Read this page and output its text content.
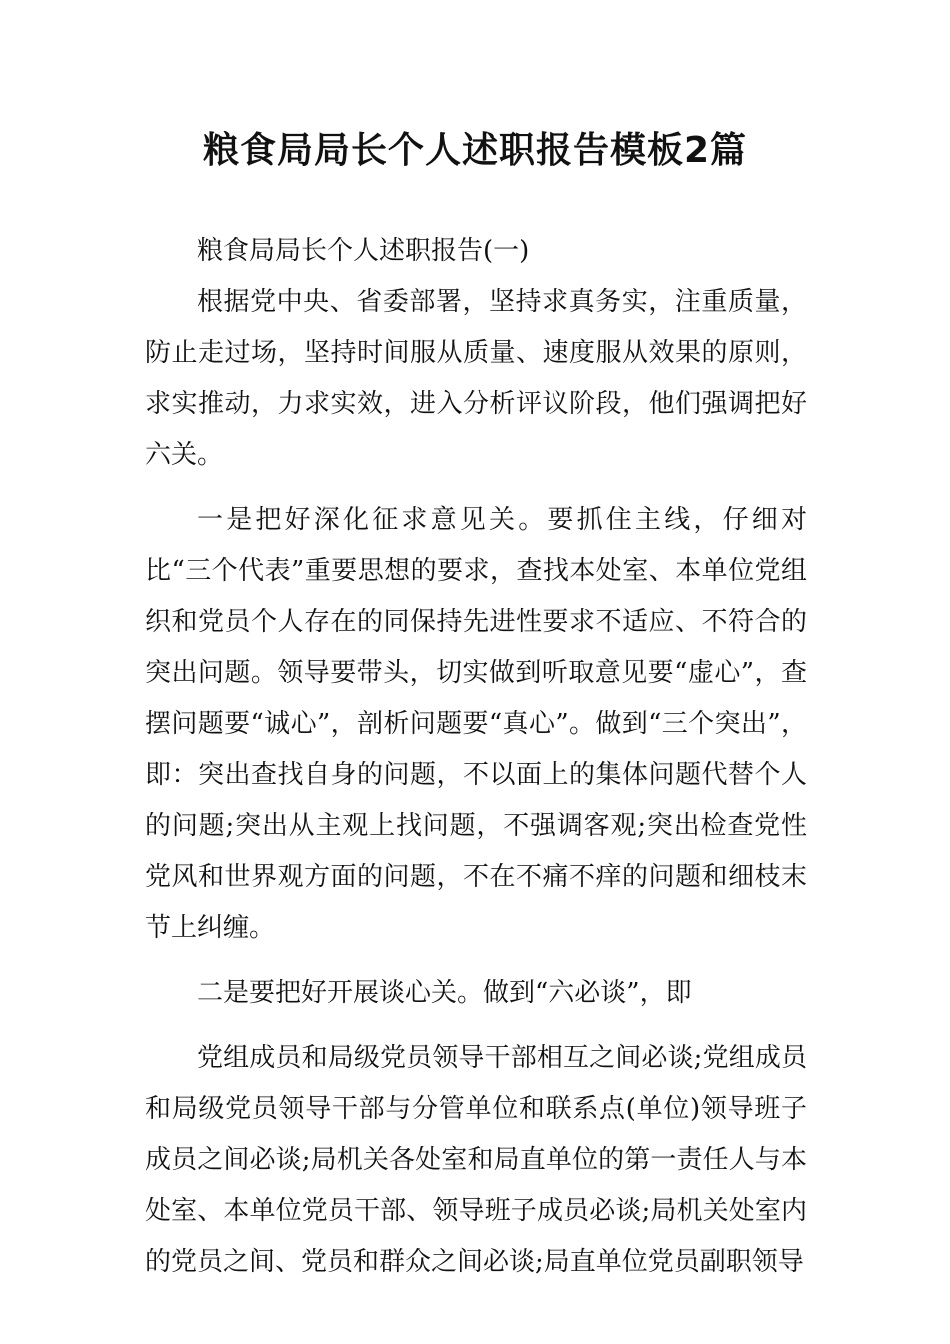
粮食局局长个人述职报告模板2篇

粮食局局长个人述职报告(一)

根据党中央、省委部署，坚持求真务实，注重质量，防止走过场，坚持时间服从质量、速度服从效果的原则，求实推动，力求实效，进入分析评议阶段，他们强调把好六关。

一是把好深化征求意见关。要抓住主线，仔细对比“三个代表”重要思想的要求，查找本处室、本单位党组织和党员个人存在的同保持先进性要求不适应、不符合的突出问题。领导要带头，切实做到听取意见要“虚心”，查摆问题要“诚心”，剖析问题要“真心”。做到“三个突出”，即：突出查找自身的问题，不以面上的集体问题代替个人的问题;突出从主观上找问题，不强调客观;突出检查党性党风和世界观方面的问题，不在不痛不痒的问题和细枝末节上纠缠。

二是要把好开展谈心关。做到“六必谈”，即

党组成员和局级党员领导干部相互之间必谈;党组成员和局级党员领导干部与分管单位和联系点(单位)领导班子成员之间必谈;局机关各处室和局直单位的第一责任人与本处室、本单位党员干部、领导班子成员必谈;局机关处室内的党员之间、党员和群众之间必谈;局直单位党员副职领导
